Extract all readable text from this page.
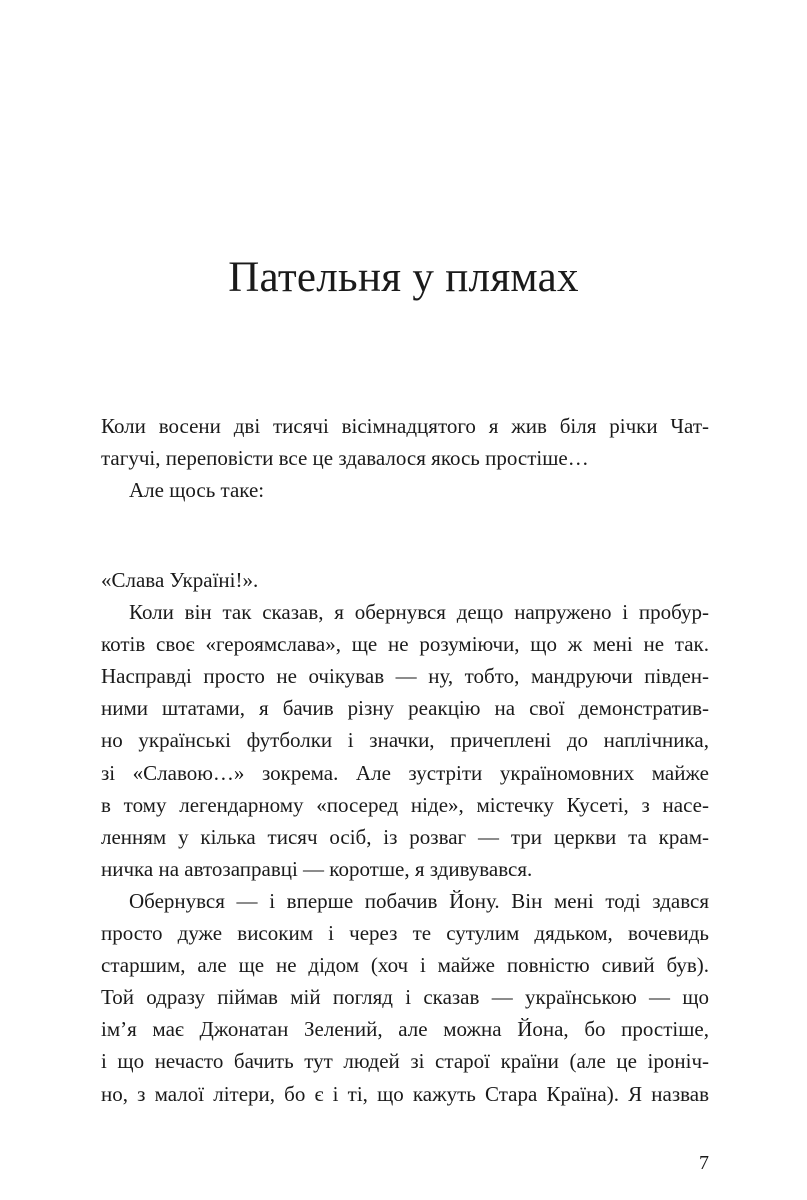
Пательня у плямах
Коли восени дві тисячі вісімнадцятого я жив біля річки Чат-
тагучі, переповісти все це здавалося якось простіше…
Але щось таке:
«Слава Україні!».
Коли він так сказав, я обернувся дещо напружено і пробур-
котів своє «героямслава», ще не розуміючи, що ж мені не так.
Насправді просто не очікував — ну, тобто, мандруючи півден-
ними штатами, я бачив різну реакцію на свої демонстратив-
но українські футболки і значки, причеплені до наплічника,
зі «Славою…» зокрема. Але зустріти україномовних майже
в тому легендарному «посеред ніде», містечку Кусеті, з насе-
ленням у кілька тисяч осіб, із розваг — три церкви та крам-
ничка на автозаправці — коротше, я здивувався.
Обернувся — і вперше побачив Йону. Він мені тоді здався
просто дуже високим і через те сутулим дядьком, вочевидь
старшим, але ще не дідом (хоч і майже повністю сивий був).
Той одразу піймав мій погляд і сказав — українською — що
ім’я має Джонатан Зелений, але можна Йона, бо простіше,
і що нечасто бачить тут людей зі старої країни (але це іроніч-
но, з малої літери, бо є і ті, що кажуть Стара Країна). Я назвав
7
